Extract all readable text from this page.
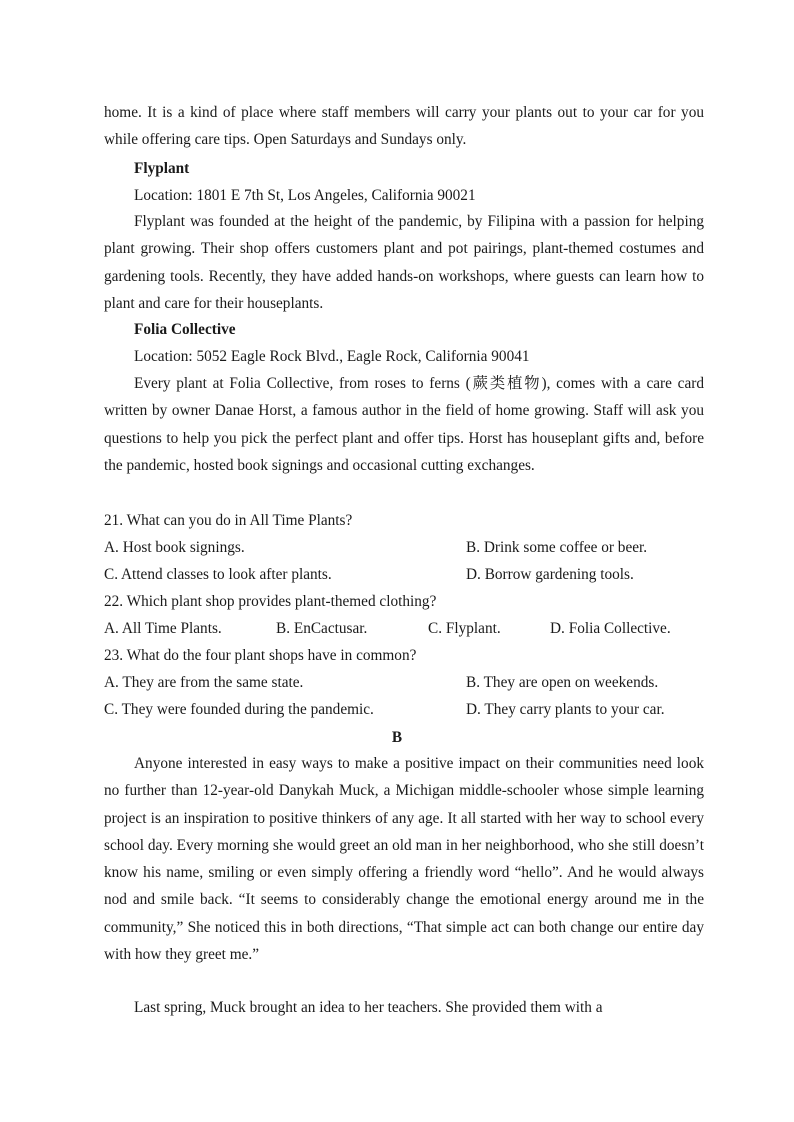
home. It is a kind of place where staff members will carry your plants out to your car for you while offering care tips. Open Saturdays and Sundays only.

Flyplant

Location: 1801 E 7th St, Los Angeles, California 90021

Flyplant was founded at the height of the pandemic, by Filipina with a passion for helping plant growing. Their shop offers customers plant and pot pairings, plant-themed costumes and gardening tools. Recently, they have added hands-on workshops, where guests can learn how to plant and care for their houseplants.

Folia Collective

Location: 5052 Eagle Rock Blvd., Eagle Rock, California 90041

Every plant at Folia Collective, from roses to ferns (蕨类植物), comes with a care card written by owner Danae Horst, a famous author in the field of home growing. Staff will ask you questions to help you pick the perfect plant and offer tips. Horst has houseplant gifts and, before the pandemic, hosted book signings and occasional cutting exchanges.

21. What can you do in All Time Plants?

A. Host book signings.	B. Drink some coffee or beer.

C. Attend classes to look after plants.	D. Borrow gardening tools.

22. Which plant shop provides plant-themed clothing?

A. All Time Plants.	B. EnCactusar.	C. Flyplant.	D. Folia Collective.

23. What do the four plant shops have in common?

A. They are from the same state.	B. They are open on weekends.

C. They were founded during the pandemic.	D. They carry plants to your car.

B

Anyone interested in easy ways to make a positive impact on their communities need look no further than 12-year-old Danykah Muck, a Michigan middle-schooler whose simple learning project is an inspiration to positive thinkers of any age. It all started with her way to school every school day. Every morning she would greet an old man in her neighborhood, who she still doesn’t know his name, smiling or even simply offering a friendly word “hello”. And he would always nod and smile back. “It seems to considerably change the emotional energy around me in the community,” She noticed this in both directions, “That simple act can both change our entire day with how they greet me.”

Last spring, Muck brought an idea to her teachers. She provided them with a
